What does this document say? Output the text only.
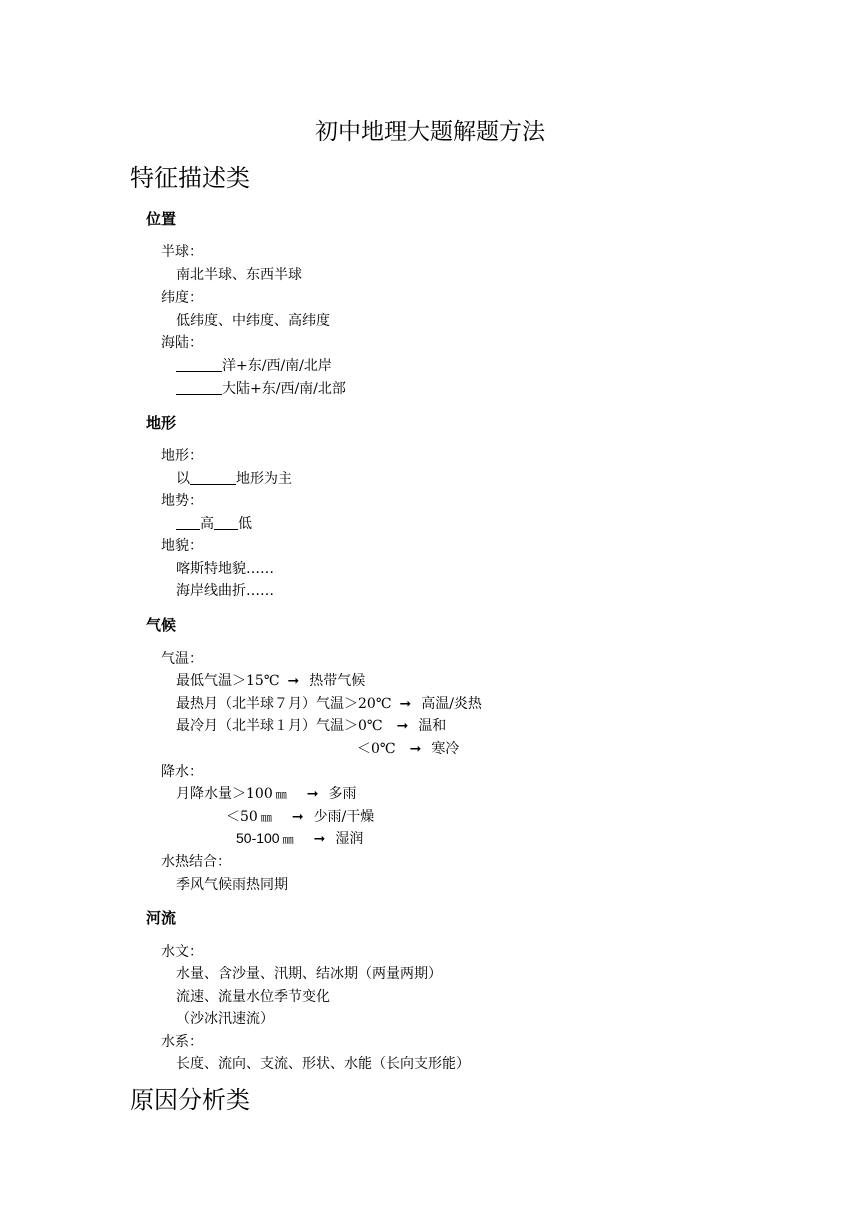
初中地理大题解题方法
特征描述类
位置
半球：
南北半球、东西半球
纬度：
低纬度、中纬度、高纬度
海陆：
洋+东/西/南/北岸
大陆+东/西/南/北部
地形
地形：
以	地形为主
地势：
高 低
地貌：
喀斯特地貌……
海岸线曲折……
气候
气温：
最低气温＞15℃ ➞ 热带气候
最热月（北半球７月）气温＞20℃ ➞ 高温/炎热
最冷月（北半球１月）气温＞0℃ ➞ 温和
＜0℃ ➞ 寒冷
降水：
月降水量＞100 ㎜ ➞ 多雨
＜50 ㎜ ➞ 少雨/干燥
50-100 ㎜ ➞ 湿润
水热结合：
季风气候雨热同期
河流
水文：
水量、含沙量、汛期、结冰期（两量两期）
流速、流量水位季节变化
（沙冰汛速流）
水系：
长度、流向、支流、形状、水能（长向支形能）
原因分析类
